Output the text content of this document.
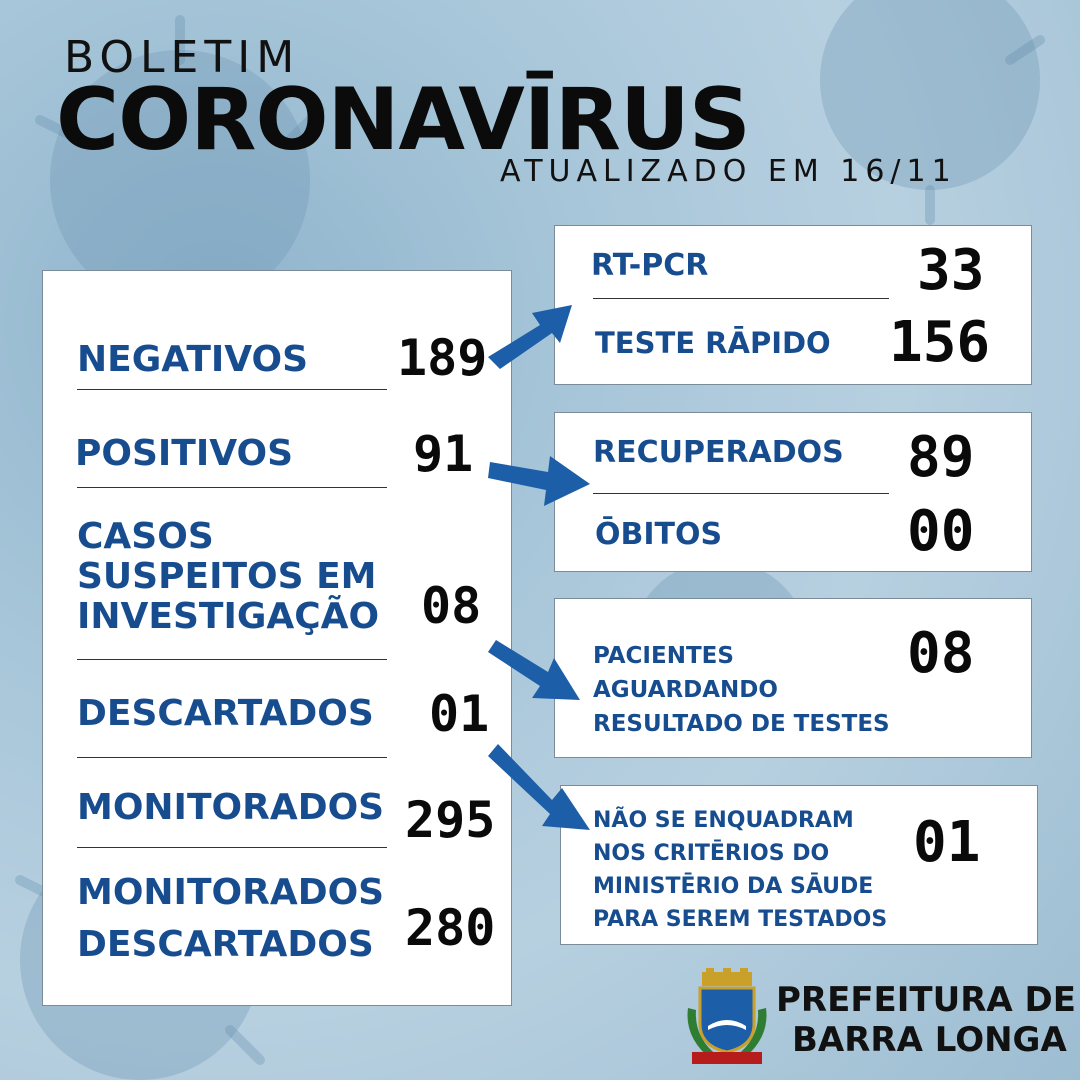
BOLETIM
CORONAVĪRUS
ATUALIZADO EM 16/11
NEGATIVOS 189
POSITIVOS 91
CASOS
SUSPEITOS EM
INVESTIGAÇÃO 08
DESCARTADOS 01
MONITORADOS 295
MONITORADOS
DESCARTADOS 280
RT-PCR	33
TESTE RĀPIDO 156
RECUPERADOS 89
ŌBITOS	00
PACIENTES
AGUARDANDO
RESULTADO DE TESTES
08
NÃO SE ENQUADRAM
NOS CRITĒRIOS DO
MINISTĒRIO DA SĀUDE
PARA SEREM TESTADOS
01
PREFEITURA DE
BARRA LONGA
